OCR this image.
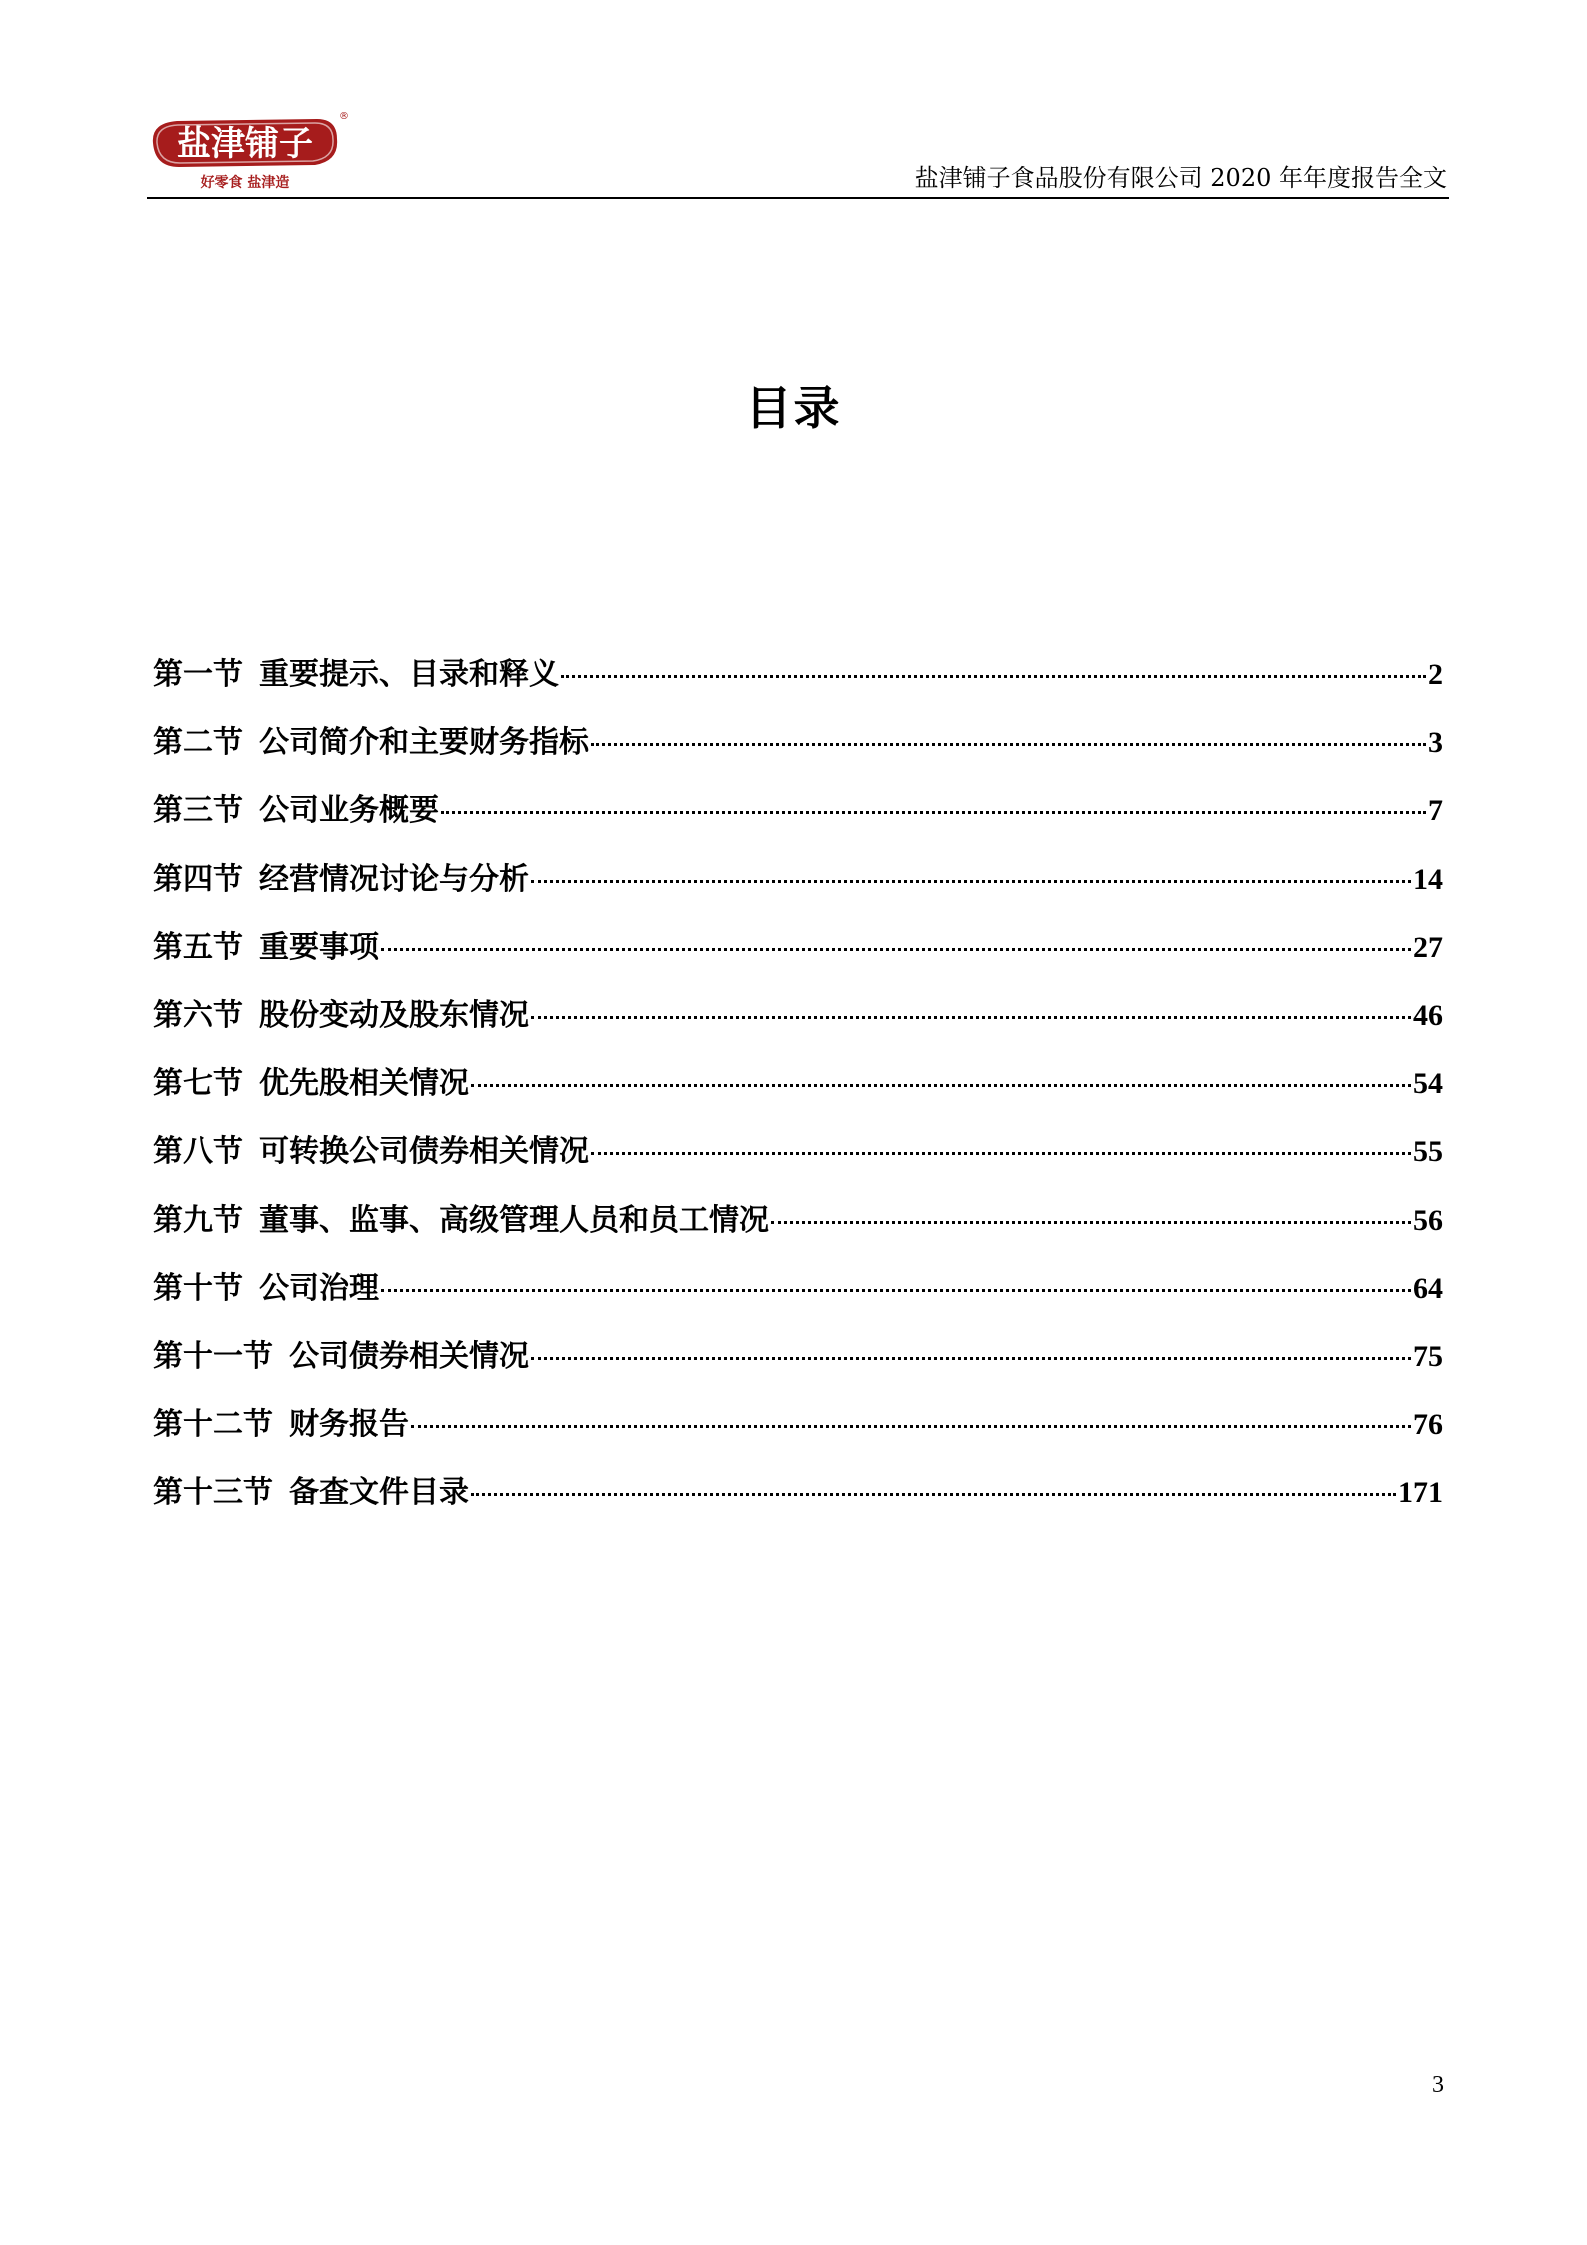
盐津铺子
®
好零食 盐津造	盐津铺子食品股份有限公司 2020 年年度报告全文
目录
第一节 重要提示、目录和释义	2
第二节 公司简介和主要财务指标	3
第三节 公司业务概要	7
第四节 经营情况讨论与分析	14
第五节 重要事项	27
第六节 股份变动及股东情况	46
第七节 优先股相关情况	54
第八节 可转换公司债券相关情况	55
第九节 董事、监事、高级管理人员和员工情况	56
第十节 公司治理	64
第十一节 公司债券相关情况	75
第十二节 财务报告	76
第十三节 备查文件目录	171
3
